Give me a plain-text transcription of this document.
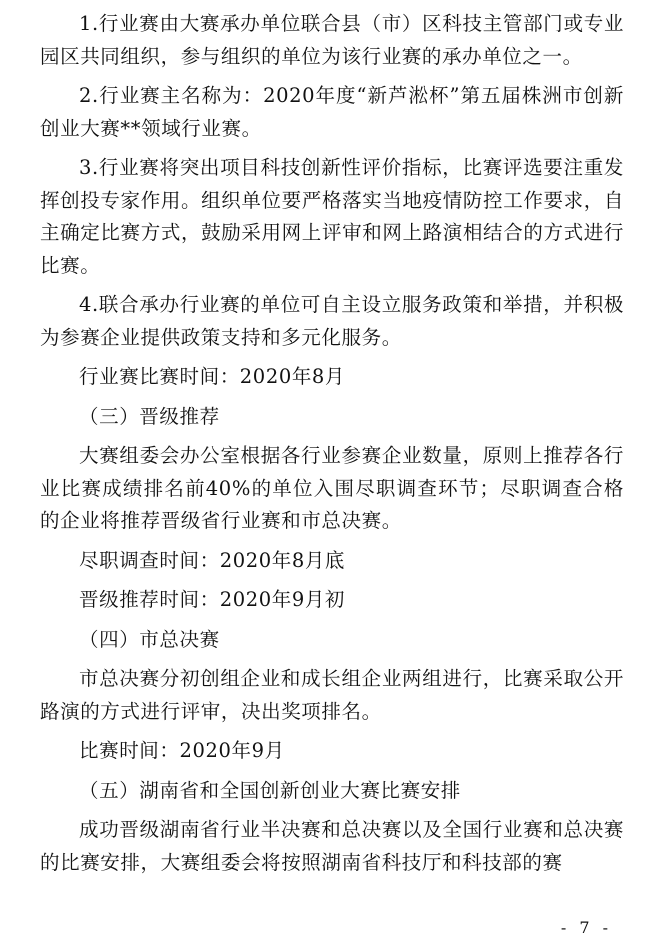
1.行业赛由大赛承办单位联合县（市）区科技主管部门或专业园区共同组织，参与组织的单位为该行业赛的承办单位之一。

2.行业赛主名称为：2020年度“新芦淞杯”第五届株洲市创新创业大赛**领域行业赛。

3.行业赛将突出项目科技创新性评价指标，比赛评选要注重发挥创投专家作用。组织单位要严格落实当地疫情防控工作要求，自主确定比赛方式，鼓励采用网上评审和网上路演相结合的方式进行比赛。

4.联合承办行业赛的单位可自主设立服务政策和举措，并积极为参赛企业提供政策支持和多元化服务。

行业赛比赛时间：2020年8月

（三）晋级推荐

大赛组委会办公室根据各行业参赛企业数量，原则上推荐各行业比赛成绩排名前40%的单位入围尽职调查环节；尽职调查合格的企业将推荐晋级省行业赛和市总决赛。

尽职调查时间：2020年8月底

晋级推荐时间：2020年9月初

（四）市总决赛

市总决赛分初创组企业和成长组企业两组进行，比赛采取公开路演的方式进行评审，决出奖项排名。

比赛时间：2020年9月

（五）湖南省和全国创新创业大赛比赛安排

成功晋级湖南省行业半决赛和总决赛以及全国行业赛和总决赛的比赛安排，大赛组委会将按照湖南省科技厅和科技部的赛

- 7 -
